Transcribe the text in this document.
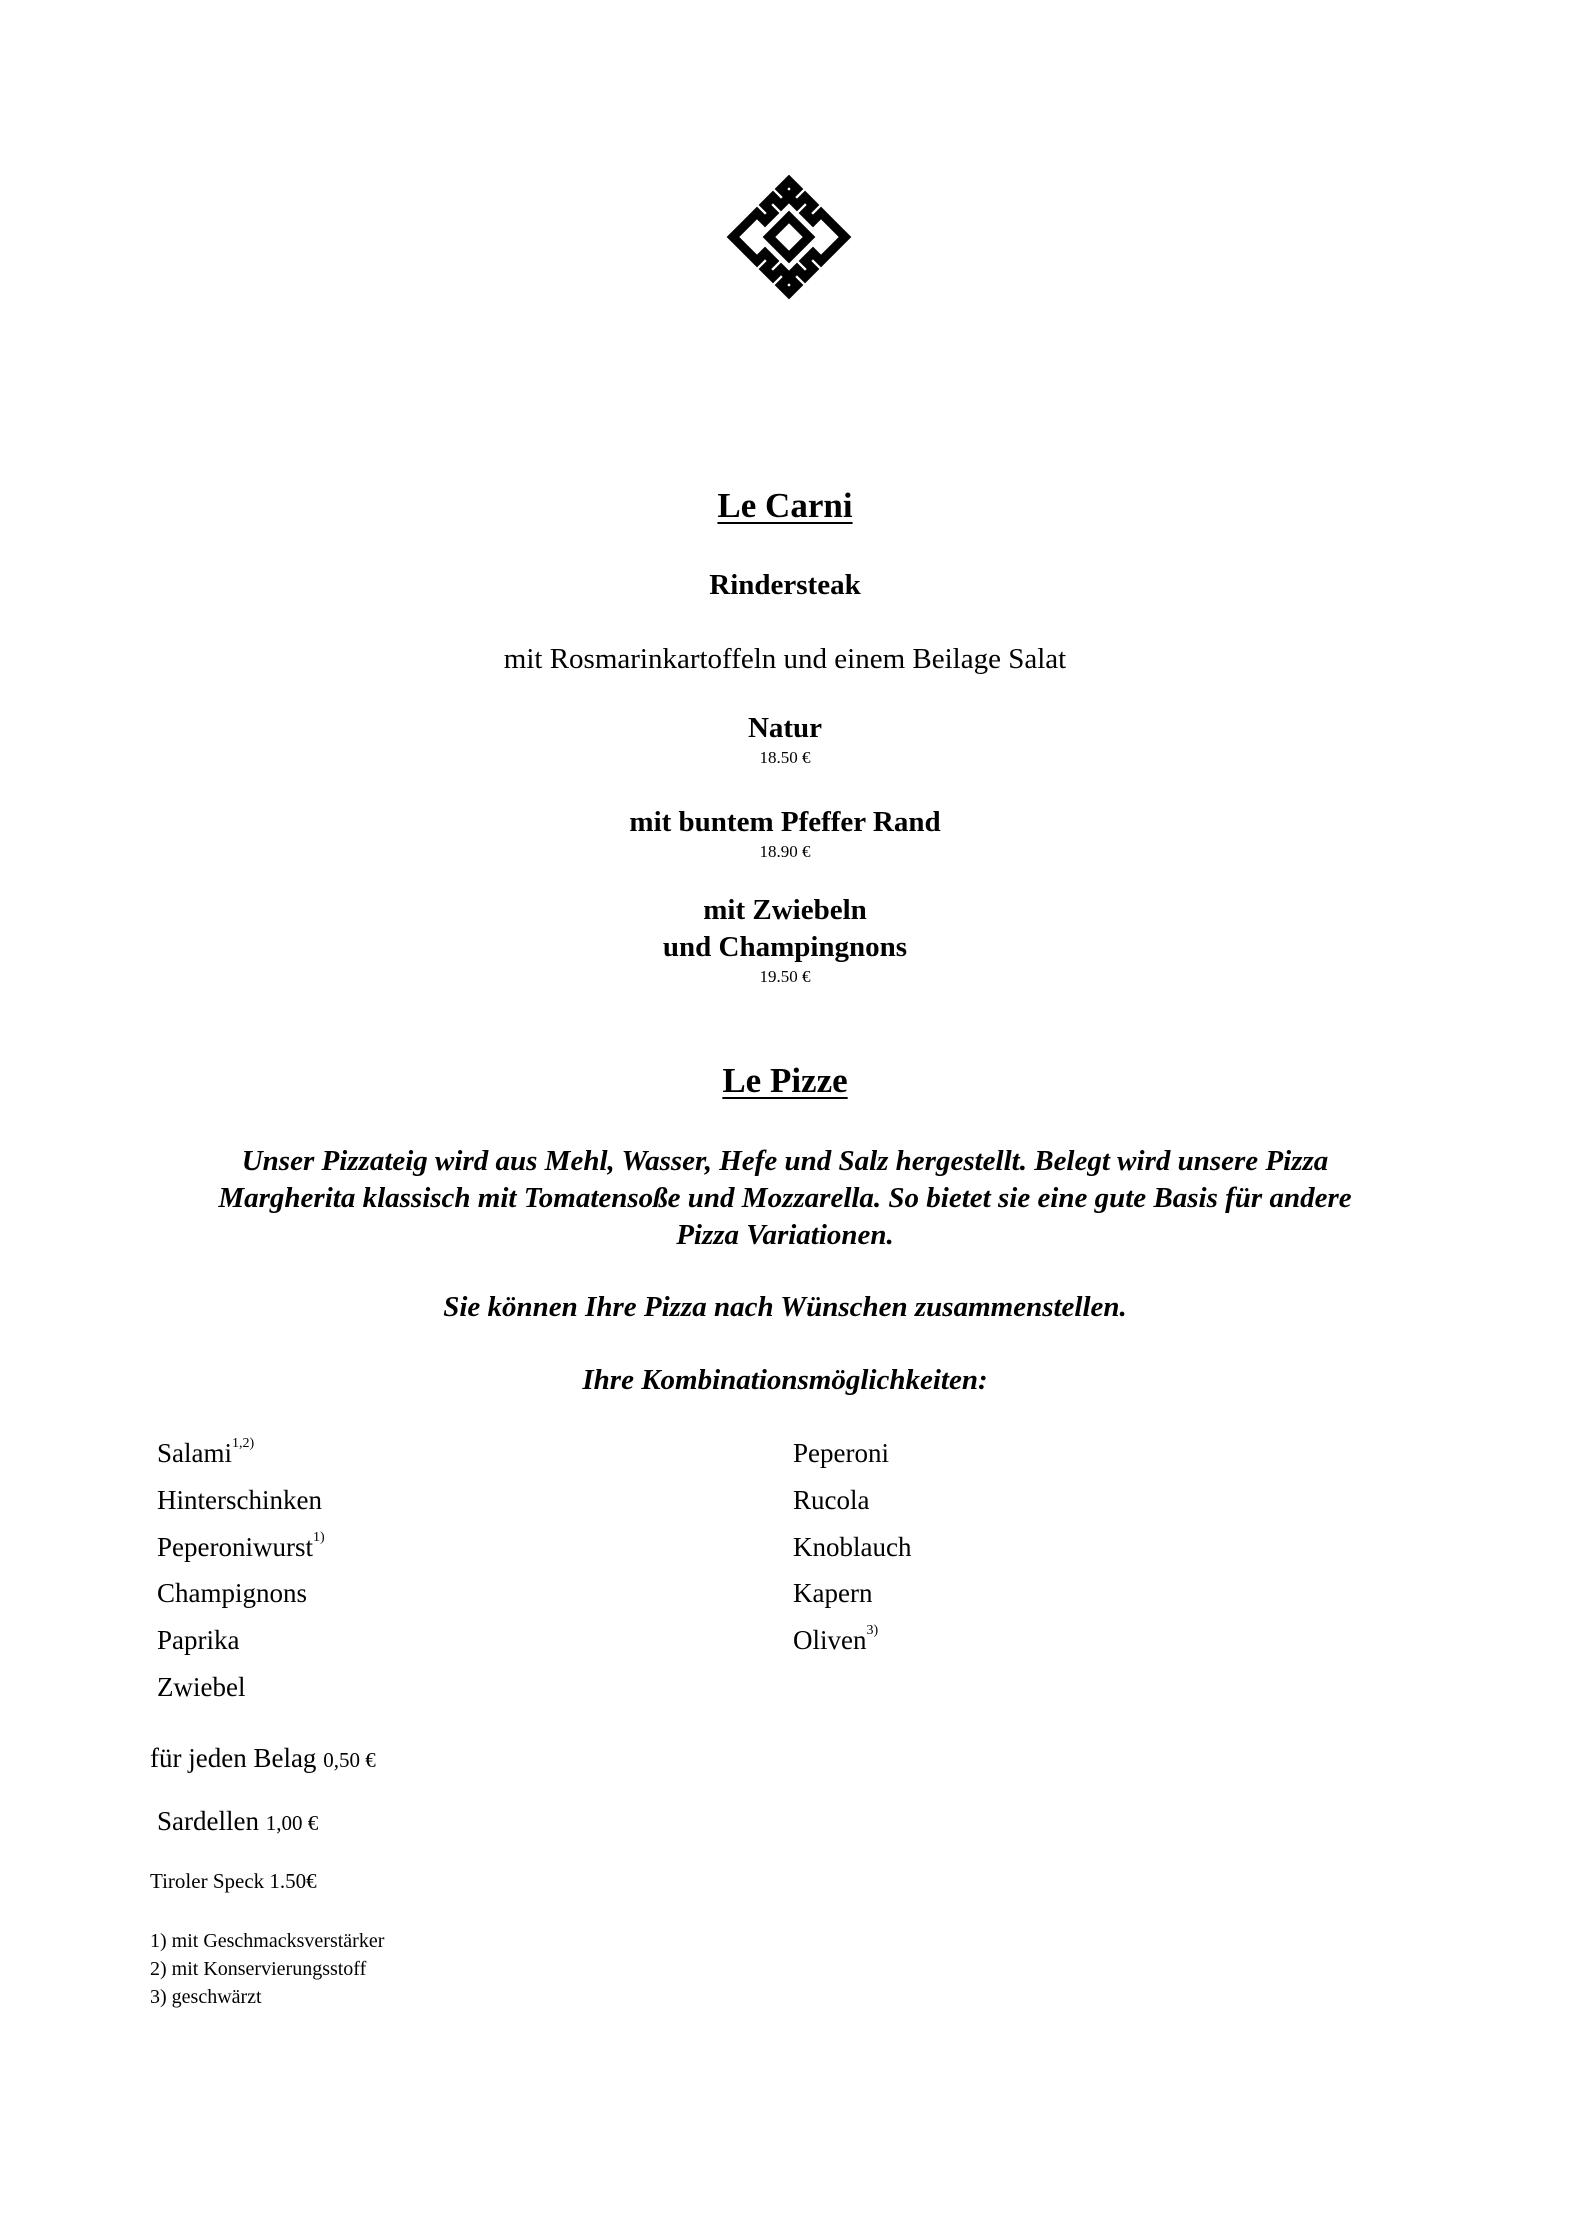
Le Carni
Rindersteak
mit Rosmarinkartoffeln und einem Beilage Salat
Natur
18.50 €
mit buntem Pfeffer Rand
18.90 €
mit Zwiebeln
und Champingnons
19.50 €
Le Pizze
Unser Pizzateig wird aus Mehl, Wasser, Hefe und Salz hergestellt. Belegt wird unsere Pizza
Margherita klassisch mit Tomatensoße und Mozzarella. So bietet sie eine gute Basis für andere
Pizza Variationen.
Sie können Ihre Pizza nach Wünschen zusammenstellen.
Ihre Kombinationsmöglichkeiten:
Salami$^{1,2)}$
Hinterschinken
Peperoniwurst$^{1)}$
Champignons
Paprika
Zwiebel
Peperoni
Rucola
Knoblauch
Kapern
Oliven$^{3)}$
für jeden Belag 0,50 €
Sardellen 1,00 €
Tiroler Speck 1.50€
1) mit Geschmacksverstärker
2) mit Konservierungsstoff
3) geschwärzt
